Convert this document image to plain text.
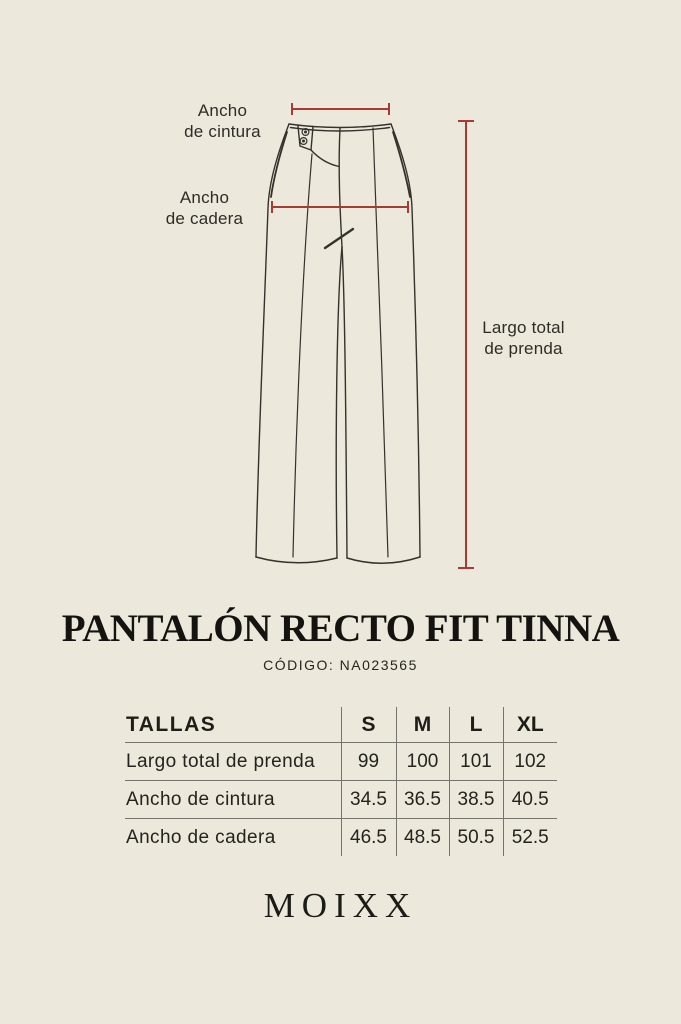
Ancho
de cintura
Ancho
de cadera
Largo total
de prenda
PANTALÓN RECTO FIT TINNA
CÓDIGO: NA023565
TALLAS	S	M	L	XL
Largo total de prenda	99	100	101	102
Ancho de cintura	34.5	36.5	38.5	40.5
Ancho de cadera	46.5	48.5	50.5	52.5
MOIXX
